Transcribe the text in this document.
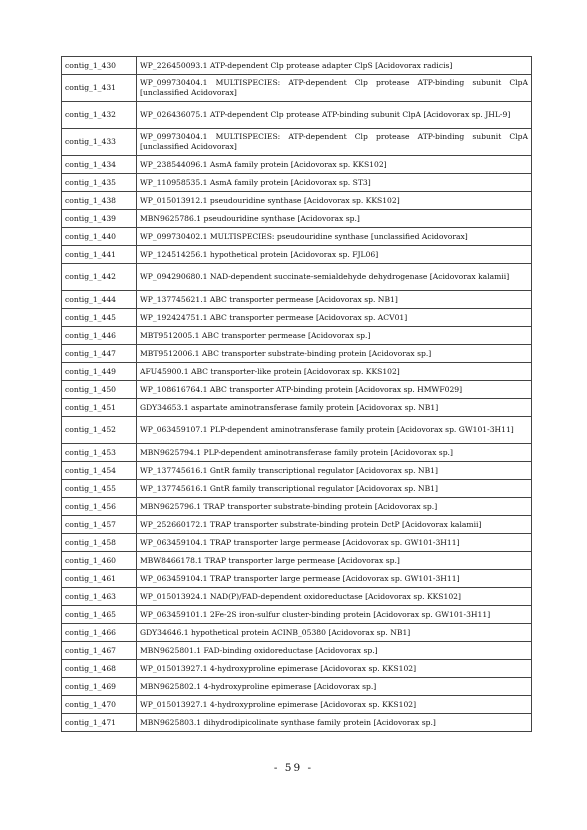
contig_1_430	WP_226450093.1 ATP-dependent Clp protease adapter ClpS [Acidovorax radicis]
contig_1_431	WP_099730404.1 MULTISPECIES: ATP-dependent Clp protease ATP-binding subunit ClpA [unclassified Acidovorax]
contig_1_432	WP_026436075.1 ATP-dependent Clp protease ATP-binding subunit ClpA [Acidovorax sp. JHL-9]
contig_1_433	WP_099730404.1 MULTISPECIES: ATP-dependent Clp protease ATP-binding subunit ClpA [unclassified Acidovorax]
contig_1_434	WP_238544096.1 AsmA family protein [Acidovorax sp. KKS102]
contig_1_435	WP_110958535.1 AsmA family protein [Acidovorax sp. ST3]
contig_1_438	WP_015013912.1 pseudouridine synthase [Acidovorax sp. KKS102]
contig_1_439	MBN9625786.1 pseudouridine synthase [Acidovorax sp.]
contig_1_440	WP_099730402.1 MULTISPECIES: pseudouridine synthase [unclassified Acidovorax]
contig_1_441	WP_124514256.1 hypothetical protein [Acidovorax sp. FJL06]
contig_1_442	WP_094290680.1 NAD-dependent succinate-semialdehyde dehydrogenase [Acidovorax kalamii]
contig_1_444	WP_137745621.1 ABC transporter permease [Acidovorax sp. NB1]
contig_1_445	WP_192424751.1 ABC transporter permease [Acidovorax sp. ACV01]
contig_1_446	MBT9512005.1 ABC transporter permease [Acidovorax sp.]
contig_1_447	MBT9512006.1 ABC transporter substrate-binding protein [Acidovorax sp.]
contig_1_449	AFU45900.1 ABC transporter-like protein [Acidovorax sp. KKS102]
contig_1_450	WP_108616764.1 ABC transporter ATP-binding protein [Acidovorax sp. HMWF029]
contig_1_451	GDY34653.1 aspartate aminotransferase family protein [Acidovorax sp. NB1]
contig_1_452	WP_063459107.1 PLP-dependent aminotransferase family protein [Acidovorax sp. GW101-3H11]
contig_1_453	MBN9625794.1 PLP-dependent aminotransferase family protein [Acidovorax sp.]
contig_1_454	WP_137745616.1 GntR family transcriptional regulator [Acidovorax sp. NB1]
contig_1_455	WP_137745616.1 GntR family transcriptional regulator [Acidovorax sp. NB1]
contig_1_456	MBN9625796.1 TRAP transporter substrate-binding protein [Acidovorax sp.]
contig_1_457	WP_252660172.1 TRAP transporter substrate-binding protein DctP [Acidovorax kalamii]
contig_1_458	WP_063459104.1 TRAP transporter large permease [Acidovorax sp. GW101-3H11]
contig_1_460	MBW8466178.1 TRAP transporter large permease [Acidovorax sp.]
contig_1_461	WP_063459104.1 TRAP transporter large permease [Acidovorax sp. GW101-3H11]
contig_1_463	WP_015013924.1 NAD(P)/FAD-dependent oxidoreductase [Acidovorax sp. KKS102]
contig_1_465	WP_063459101.1 2Fe-2S iron-sulfur cluster-binding protein [Acidovorax sp. GW101-3H11]
contig_1_466	GDY34646.1 hypothetical protein ACINB_05380 [Acidovorax sp. NB1]
contig_1_467	MBN9625801.1 FAD-binding oxidoreductase [Acidovorax sp.]
contig_1_468	WP_015013927.1 4-hydroxyproline epimerase [Acidovorax sp. KKS102]
contig_1_469	MBN9625802.1 4-hydroxyproline epimerase [Acidovorax sp.]
contig_1_470	WP_015013927.1 4-hydroxyproline epimerase [Acidovorax sp. KKS102]
contig_1_471	MBN9625803.1 dihydrodipicolinate synthase family protein [Acidovorax sp.]
- 59 -
